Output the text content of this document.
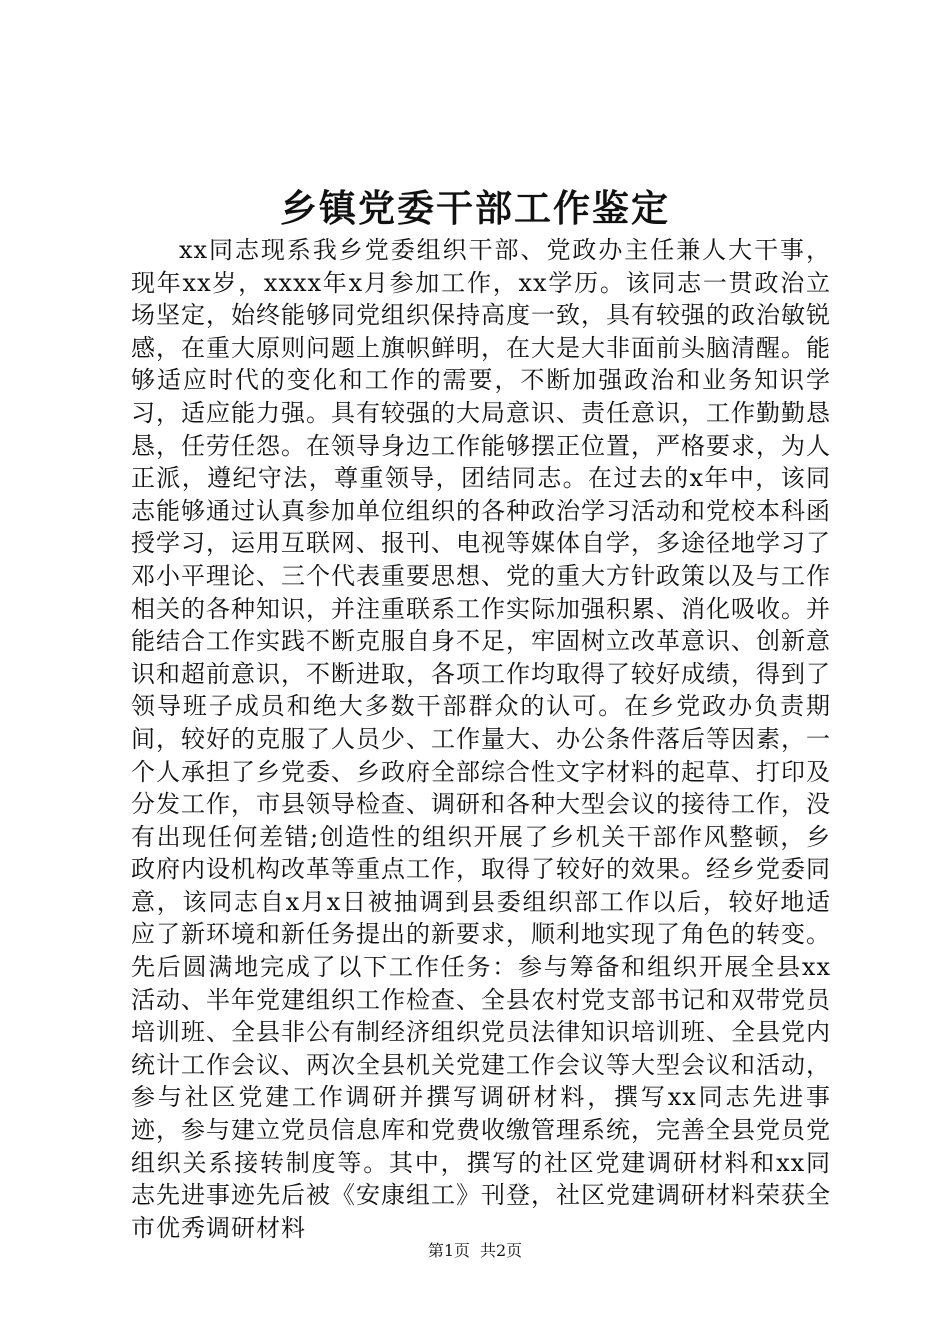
乡镇党委干部工作鉴定

xx同志现系我乡党委组织干部、党政办主任兼人大干事，现年xx岁，xxxx年x月参加工作，xx学历。该同志一贯政治立场坚定，始终能够同党组织保持高度一致，具有较强的政治敏锐感，在重大原则问题上旗帜鲜明，在大是大非面前头脑清醒。能够适应时代的变化和工作的需要，不断加强政治和业务知识学习，适应能力强。具有较强的大局意识、责任意识，工作勤勤恳恳，任劳任怨。在领导身边工作能够摆正位置，严格要求，为人正派，遵纪守法，尊重领导，团结同志。在过去的x年中，该同志能够通过认真参加单位组织的各种政治学习活动和党校本科函授学习，运用互联网、报刊、电视等媒体自学，多途径地学习了邓小平理论、三个代表重要思想、党的重大方针政策以及与工作相关的各种知识，并注重联系工作实际加强积累、消化吸收。并能结合工作实践不断克服自身不足，牢固树立改革意识、创新意识和超前意识，不断进取，各项工作均取得了较好成绩，得到了领导班子成员和绝大多数干部群众的认可。在乡党政办负责期间，较好的克服了人员少、工作量大、办公条件落后等因素，一个人承担了乡党委、乡政府全部综合性文字材料的起草、打印及分发工作，市县领导检查、调研和各种大型会议的接待工作，没有出现任何差错;创造性的组织开展了乡机关干部作风整顿，乡政府内设机构改革等重点工作，取得了较好的效果。经乡党委同意，该同志自x月x日被抽调到县委组织部工作以后，较好地适应了新环境和新任务提出的新要求，顺利地实现了角色的转变。先后圆满地完成了以下工作任务：参与筹备和组织开展全县xx活动、半年党建组织工作检查、全县农村党支部书记和双带党员培训班、全县非公有制经济组织党员法律知识培训班、全县党内统计工作会议、两次全县机关党建工作会议等大型会议和活动，参与社区党建工作调研并撰写调研材料，撰写xx同志先进事迹，参与建立党员信息库和党费收缴管理系统，完善全县党员党组织关系接转制度等。其中，撰写的社区党建调研材料和xx同志先进事迹先后被《安康组工》刊登，社区党建调研材料荣获全市优秀调研材料

第1页 共2页
